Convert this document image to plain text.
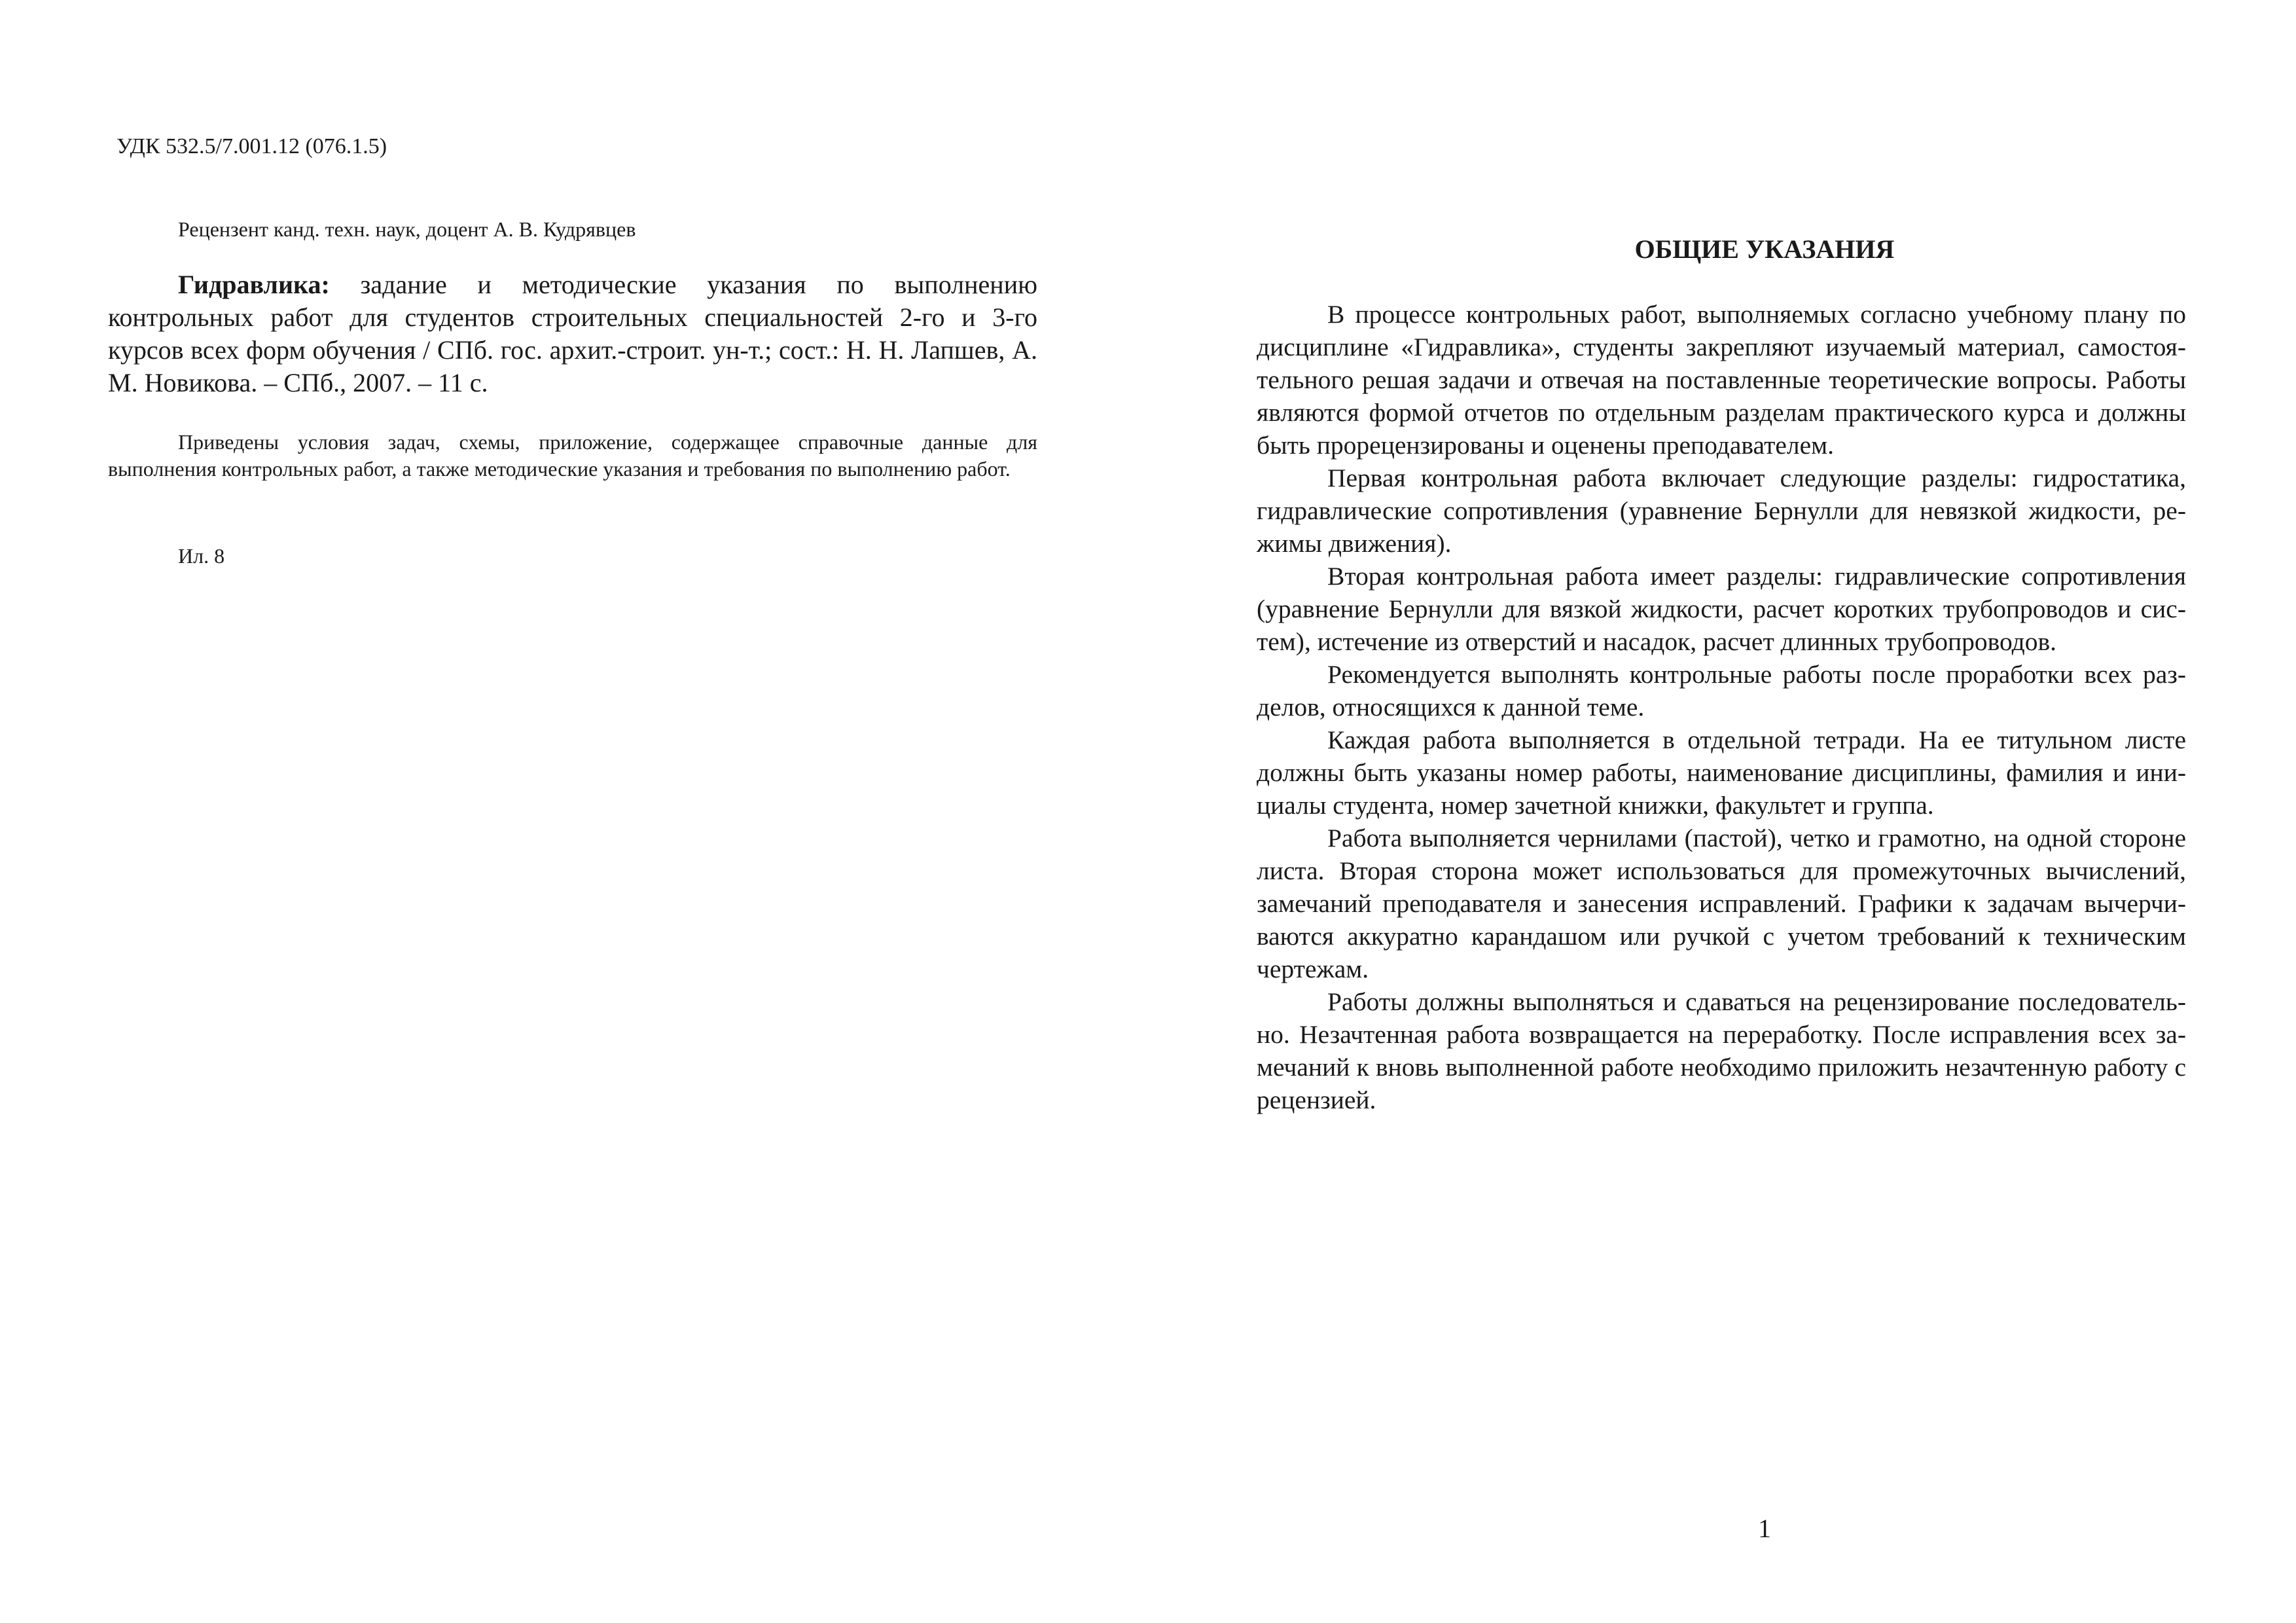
УДК 532.5/7.001.12 (076.1.5)
Рецензент канд. техн. наук, доцент А. В. Кудрявцев

Гидравлика: задание и методические указания по выполнению контрольных работ для студентов строительных специальностей 2-го и 3-го курсов всех форм обучения / СПб. гос. архит.-строит. ун-т.; сост.: Н. Н. Лапшев, А. М. Новикова. – СПб., 2007. – 11 с.

Приведены условия задач, схемы, приложение, содержащее справочные данные для выполнения контрольных работ, а также методические указания и требования по выполнению работ.

Ил. 8
ОБЩИЕ УКАЗАНИЯ

В процессе контрольных работ, выполняемых согласно учебному плану по дисциплине «Гидравлика», студенты закрепляют изучаемый материал, самостоятельного решая задачи и отвечая на поставленные теоретические вопросы. Работы являются формой отчетов по отдельным разделам практического курса и должны быть прорецензированы и оценены преподавателем.

Первая контрольная работа включает следующие разделы: гидростатика, гидравлические сопротивления (уравнение Бернулли для невязкой жидкости, режимы движения).

Вторая контрольная работа имеет разделы: гидравлические сопротивления (уравнение Бернулли для вязкой жидкости, расчет коротких трубопроводов и систем), истечение из отверстий и насадок, расчет длинных трубопроводов.

Рекомендуется выполнять контрольные работы после проработки всех разделов, относящихся к данной теме.

Каждая работа выполняется в отдельной тетради. На ее титульном листе должны быть указаны номер работы, наименование дисциплины, фамилия и инициалы студента, номер зачетной книжки, факультет и группа.

Работа выполняется чернилами (пастой), четко и грамотно, на одной стороне листа. Вторая сторона может использоваться для промежуточных вычислений, замечаний преподавателя и занесения исправлений. Графики к задачам вычерчиваются аккуратно карандашом или ручкой с учетом требований к техническим чертежам.

Работы должны выполняться и сдаваться на рецензирование последовательно. Незачтенная работа возвращается на переработку. После исправления всех замечаний к вновь выполненной работе необходимо приложить незачтенную работу с рецензией.

1
